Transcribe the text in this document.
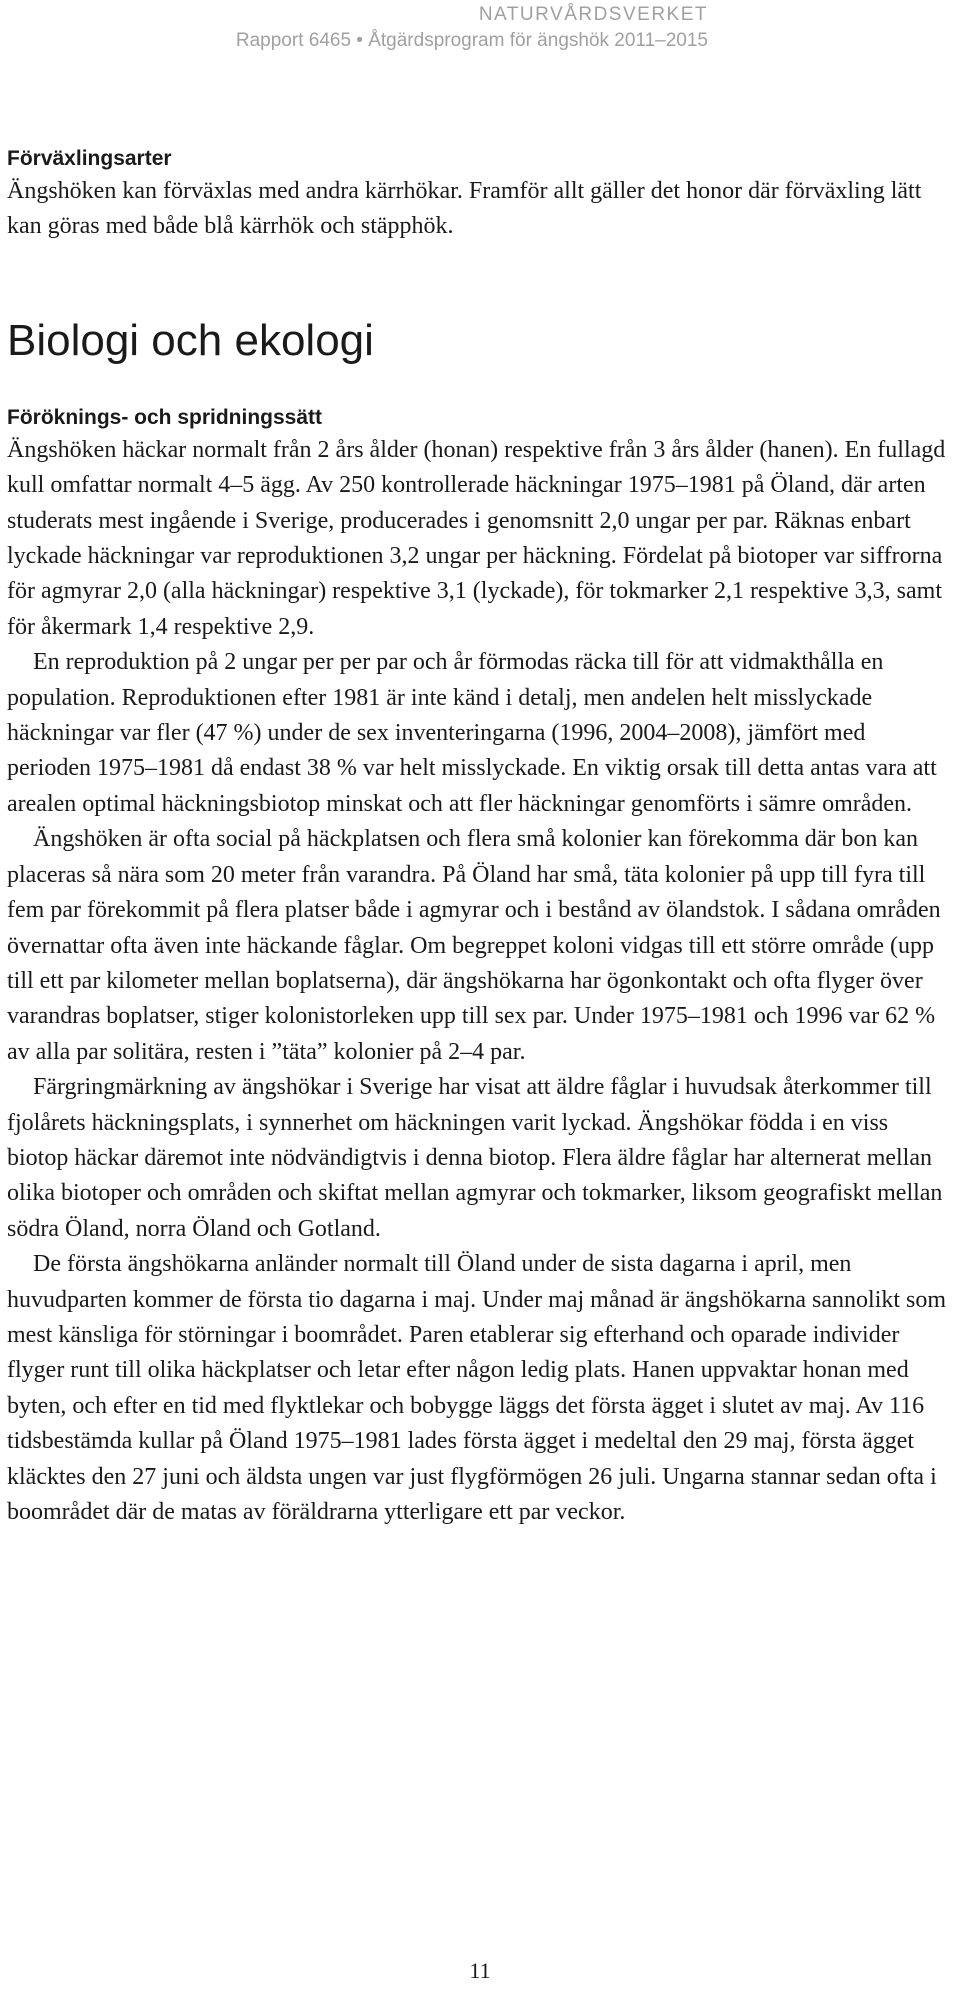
NATURVÅRDSVERKET
Rapport 6465 • Åtgärdsprogram för ängshök 2011–2015

Förväxlingsarter

Ängshöken kan förväxlas med andra kärrhökar. Framför allt gäller det honor där förväxling lätt kan göras med både blå kärrhök och stäpphök.

Biologi och ekologi

Föröknings- och spridningssätt

Ängshöken häckar normalt från 2 års ålder (honan) respektive från 3 års ålder (hanen). En fullagd kull omfattar normalt 4–5 ägg. Av 250 kontrollerade häckningar 1975–1981 på Öland, där arten studerats mest ingående i Sverige, producerades i genomsnitt 2,0 ungar per par. Räknas enbart lyckade häckningar var reproduktionen 3,2 ungar per häckning. Fördelat på biotoper var siffrorna för agmyrar 2,0 (alla häckningar) respektive 3,1 (lyckade), för tokmarker 2,1 respektive 3,3, samt för åkermark 1,4 respektive 2,9.

En reproduktion på 2 ungar per per par och år förmodas räcka till för att vidmakthålla en population. Reproduktionen efter 1981 är inte känd i detalj, men andelen helt misslyckade häckningar var fler (47 %) under de sex inventeringarna (1996, 2004–2008), jämfört med perioden 1975–1981 då endast 38 % var helt misslyckade. En viktig orsak till detta antas vara att arealen optimal häckningsbiotop minskat och att fler häckningar genomförts i sämre områden.

Ängshöken är ofta social på häckplatsen och flera små kolonier kan förekomma där bon kan placeras så nära som 20 meter från varandra. På Öland har små, täta kolonier på upp till fyra till fem par förekommit på flera platser både i agmyrar och i bestånd av ölandstok. I sådana områden övernattar ofta även inte häckande fåglar. Om begreppet koloni vidgas till ett större område (upp till ett par kilometer mellan boplatserna), där ängshökarna har ögonkontakt och ofta flyger över varandras boplatser, stiger kolonistorleken upp till sex par. Under 1975–1981 och 1996 var 62 % av alla par solitära, resten i ”täta” kolonier på 2–4 par.

Färgringmärkning av ängshökar i Sverige har visat att äldre fåglar i huvudsak återkommer till fjolårets häckningsplats, i synnerhet om häckningen varit lyckad. Ängshökar födda i en viss biotop häckar däremot inte nödvändigtvis i denna biotop. Flera äldre fåglar har alternerat mellan olika biotoper och områden och skiftat mellan agmyrar och tokmarker, liksom geografiskt mellan södra Öland, norra Öland och Gotland.

De första ängshökarna anländer normalt till Öland under de sista dagarna i april, men huvudparten kommer de första tio dagarna i maj. Under maj månad är ängshökarna sannolikt som mest känsliga för störningar i boområdet. Paren etablerar sig efterhand och oparade individer flyger runt till olika häckplatser och letar efter någon ledig plats. Hanen uppvaktar honan med byten, och efter en tid med flyktlekar och bobygge läggs det första ägget i slutet av maj. Av 116 tidsbestämda kullar på Öland 1975–1981 lades första ägget i medeltal den 29 maj, första ägget kläcktes den 27 juni och äldsta ungen var just flygförmögen 26 juli. Ungarna stannar sedan ofta i boområdet där de matas av föräldrarna ytterligare ett par veckor.

11
